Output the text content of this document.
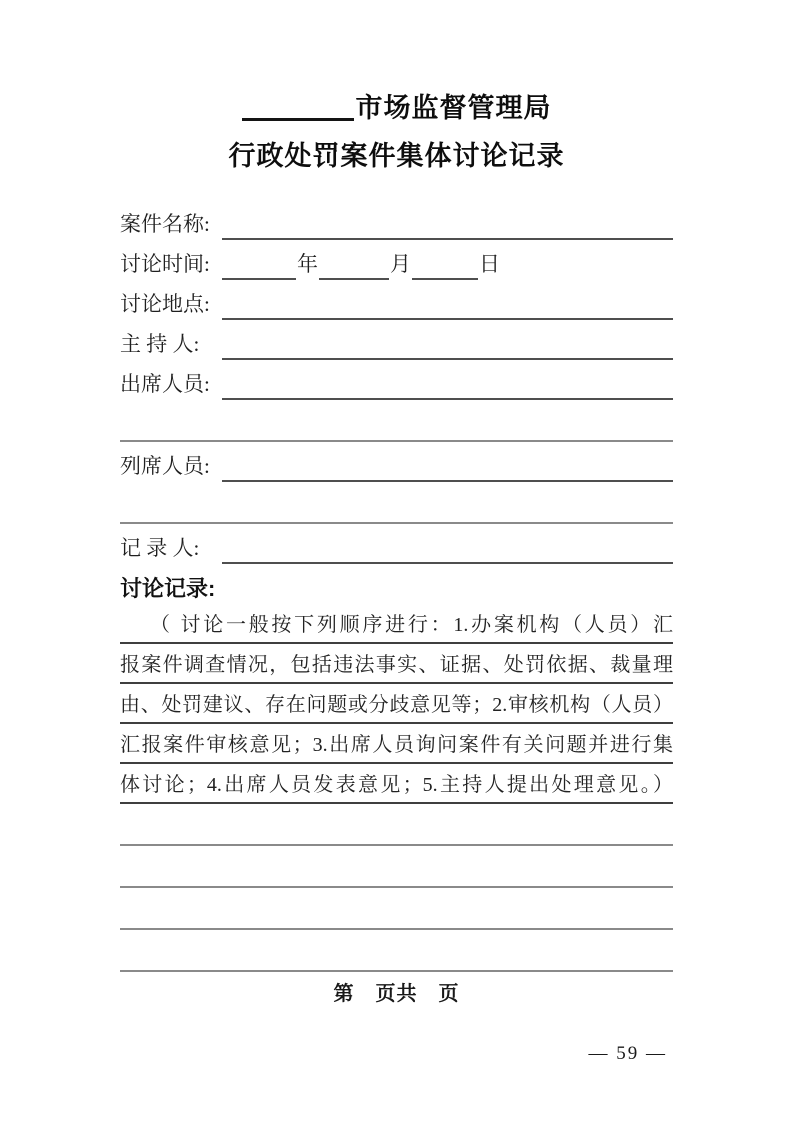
市场监督管理局
行政处罚案件集体讨论记录
案件名称:
讨论时间:	年	月	日
讨论地点:
主 持 人:
出席人员:
列席人员:
记 录 人:
讨论记录:
（ 讨论一般按下列顺序进行：1.办案机构（人员）汇
报案件调查情况，包括违法事实、证据、处罚依据、裁量理
由、处罚建议、存在问题或分歧意见等；2.审核机构（人员）
汇报案件审核意见；3.出席人员询问案件有关问题并进行集
体讨论；4.出席人员发表意见；5.主持人提出处理意见。）
第　页共　页
— 59 —
